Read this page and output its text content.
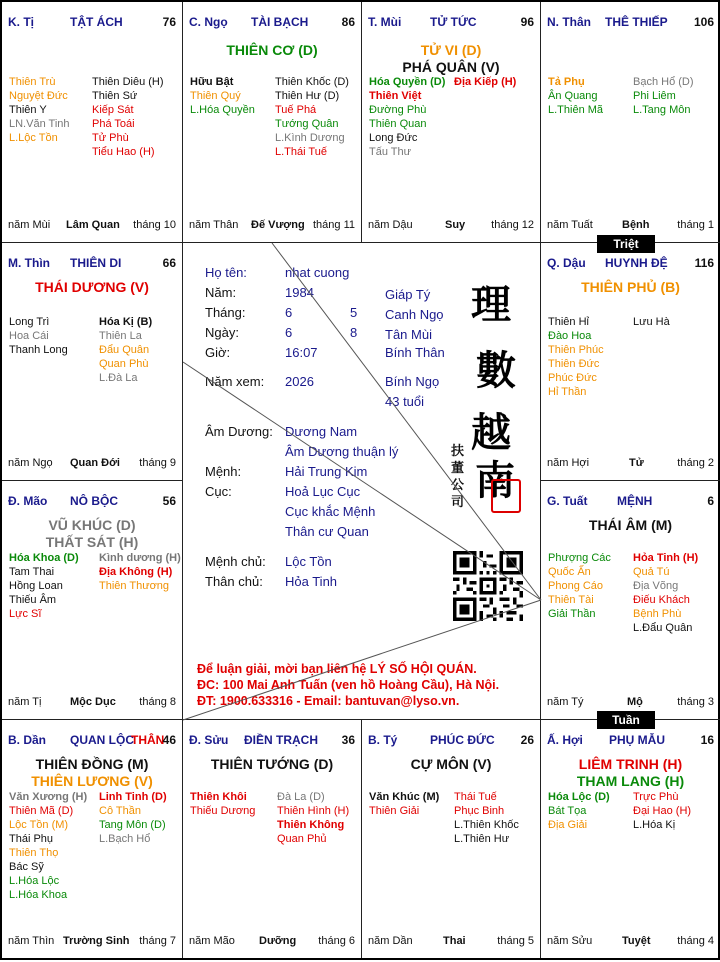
K. Tị	TẬT ÁCH	76
Thiên Trù
Nguyệt Đức
Thiên Y
LN.Văn Tinh
L.Lộc Tồn
Thiên Diêu (H)
Thiên Sứ
Kiếp Sát
Phá Toái
Tử Phù
Tiểu Hao (H)
năm Mùi Lâm Quan tháng 10
C. Ngọ TÀI BẠCH	86
THIÊN CƠ (D)
Hữu Bật
Thiên Quý
L.Hóa Quyền
Thiên Khốc (D)
Thiên Hư (D)
Tuế Phá
Tướng Quân
L.Kình Dương
L.Thái Tuế
năm Thân Đế Vượng tháng 11
T. Mùi TỬ TỨC	96
TỬ VI (D)
PHÁ QUÂN (V)
Hóa Quyền (D)
Thiên Việt
Đường Phù
Thiên Quan
Long Đức
Tấu Thư
Địa Kiếp (H)
năm Dậu	Suy tháng 12
N. Thân THÊ THIẾP 106
Tả Phụ
Ân Quang
L.Thiên Mã
Bạch Hổ (D)
Phi Liêm
L.Tang Môn
năm Tuất	Bệnh	tháng 1
M. Thìn THIÊN DI	66
THÁI DƯƠNG (V)
Long Trì
Hoa Cái
Thanh Long
Hóa Kị (B)
Thiên La
Đẩu Quân
Quan Phù
L.Đà La
năm Ngọ Quan Đới tháng 9
Q. Dậu HUYNH ĐỆ 116
THIÊN PHỦ (B)
Thiên Hỉ
Đào Hoa
Thiên Phúc
Thiên Đức
Phúc Đức
Hỉ Thần
Lưu Hà
năm Hợi	Tử	tháng 2
Đ. Mão NÔ BỘC	56
VŨ KHÚC (D)
THẤT SÁT (H)
Hóa Khoa (D)
Tam Thai
Hồng Loan
Thiếu Âm
Lực Sĩ
Kình dương (H)
Địa Không (H)
Thiên Thương
năm Tị	Mộc Dục tháng 8
G. Tuất MỆNH	6
THÁI ÂM (M)
Phượng Các
Quốc Ấn
Phong Cáo
Thiên Tài
Giải Thần
Hỏa Tinh (H)
Quả Tú
Địa Võng
Điếu Khách
Bệnh Phù
L.Đẩu Quân
năm Tý	Mộ	tháng 3
B. Dần QUAN LỘC
THÂN
46
THIÊN ĐỒNG (M)
THIÊN LƯƠNG (V)
Văn Xương (H)
Thiên Mã (D)
Lộc Tồn (M)
Thái Phụ
Thiên Thọ
Bác Sỹ
L.Hóa Lộc
L.Hóa Khoa
Linh Tinh (D)
Cô Thần
Tang Môn (D)
L.Bạch Hổ
năm Thìn Trường Sinh tháng 7
Đ. Sửu ĐIỀN TRẠCH 36
THIÊN TƯỚNG (D)
Thiên Khôi
Thiếu Dương
Đà La (D)
Thiên Hình (H)
Thiên Không
Quan Phủ
năm Mão Dưỡng tháng 6
B. Tý	PHÚC ĐỨC 26
CỰ MÔN (V)
Văn Khúc (M)
Thiên Giải
Thái Tuế
Phục Binh
L.Thiên Khốc
L.Thiên Hư
năm Dần	Thai	tháng 5
Ấ. Hợi PHỤ MẪU	16
LIÊM TRINH (H)
THAM LANG (H)
Hóa Lộc (D)
Bát Tọa
Địa Giải
Trực Phù
Đại Hao (H)
L.Hóa Kị
năm Sửu	Tuyệt tháng 4
Họ tên:	nhat cuong
Năm:	1984	Giáp Tý
Tháng:	6	5 Canh Ngọ
Ngày:	6	8 Tân Mùi
Giờ:	16:07	Bính Thân
Năm xem: 2026	Bính Ngọ
43 tuổi
Âm Dương: Dương Nam
Âm Dương thuận lý
Mệnh:	Hải Trung Kim
Cục:	Hoả Lục Cục
Cục khắc Mệnh
Thân cư Quan
Mệnh chủ: Lộc Tồn
Thân chủ: Hỏa Tinh
理
數
越
南
扶
董
公
司
Để luận giải, mời bạn liên hệ LÝ SỐ HỘI QUÁN.
ĐC: 100 Mai Anh Tuấn (ven hồ Hoàng Cầu), Hà Nội.
ĐT: 1900.633316 - Email: bantuvan@lyso.vn.
Triệt
Tuần
